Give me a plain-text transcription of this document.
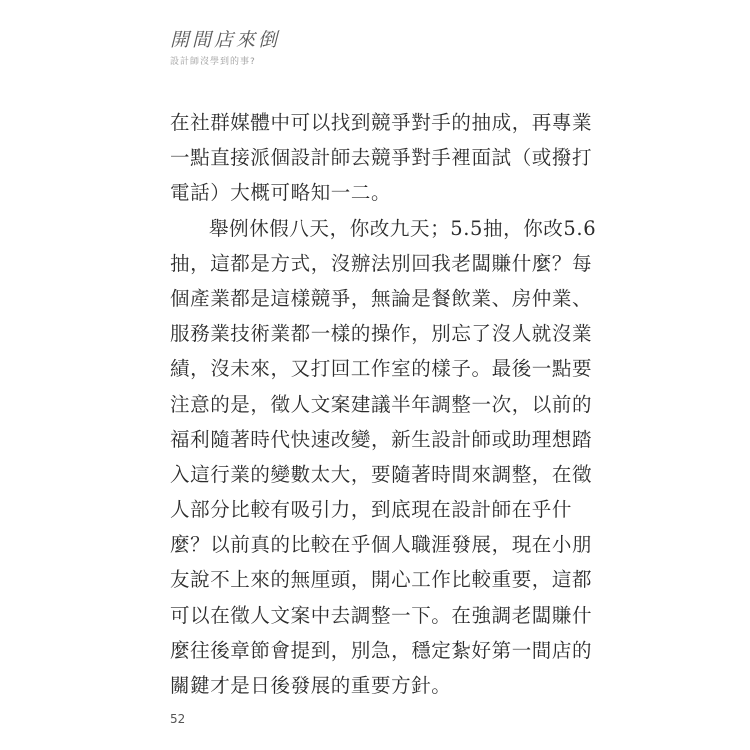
開間店來倒
設計師沒學到的事?
在社群媒體中可以找到競爭對手的抽成，再專業
一點直接派個設計師去競爭對手裡面試（或撥打
電話）大概可略知一二。
舉例休假八天，你改九天；5.5抽，你改5.6
抽，這都是方式，沒辦法別回我老闆賺什麼？每
個產業都是這樣競爭，無論是餐飲業、房仲業、
服務業技術業都一樣的操作，別忘了沒人就沒業
績，沒未來，又打回工作室的樣子。最後一點要
注意的是，徵人文案建議半年調整一次，以前的
福利隨著時代快速改變，新生設計師或助理想踏
入這行業的變數太大，要隨著時間來調整，在徵
人部分比較有吸引力，到底現在設計師在乎什
麼？以前真的比較在乎個人職涯發展，現在小朋
友說不上來的無厘頭，開心工作比較重要，這都
可以在徵人文案中去調整一下。在強調老闆賺什
麼往後章節會提到，別急，穩定紮好第一間店的
關鍵才是日後發展的重要方針。
52
